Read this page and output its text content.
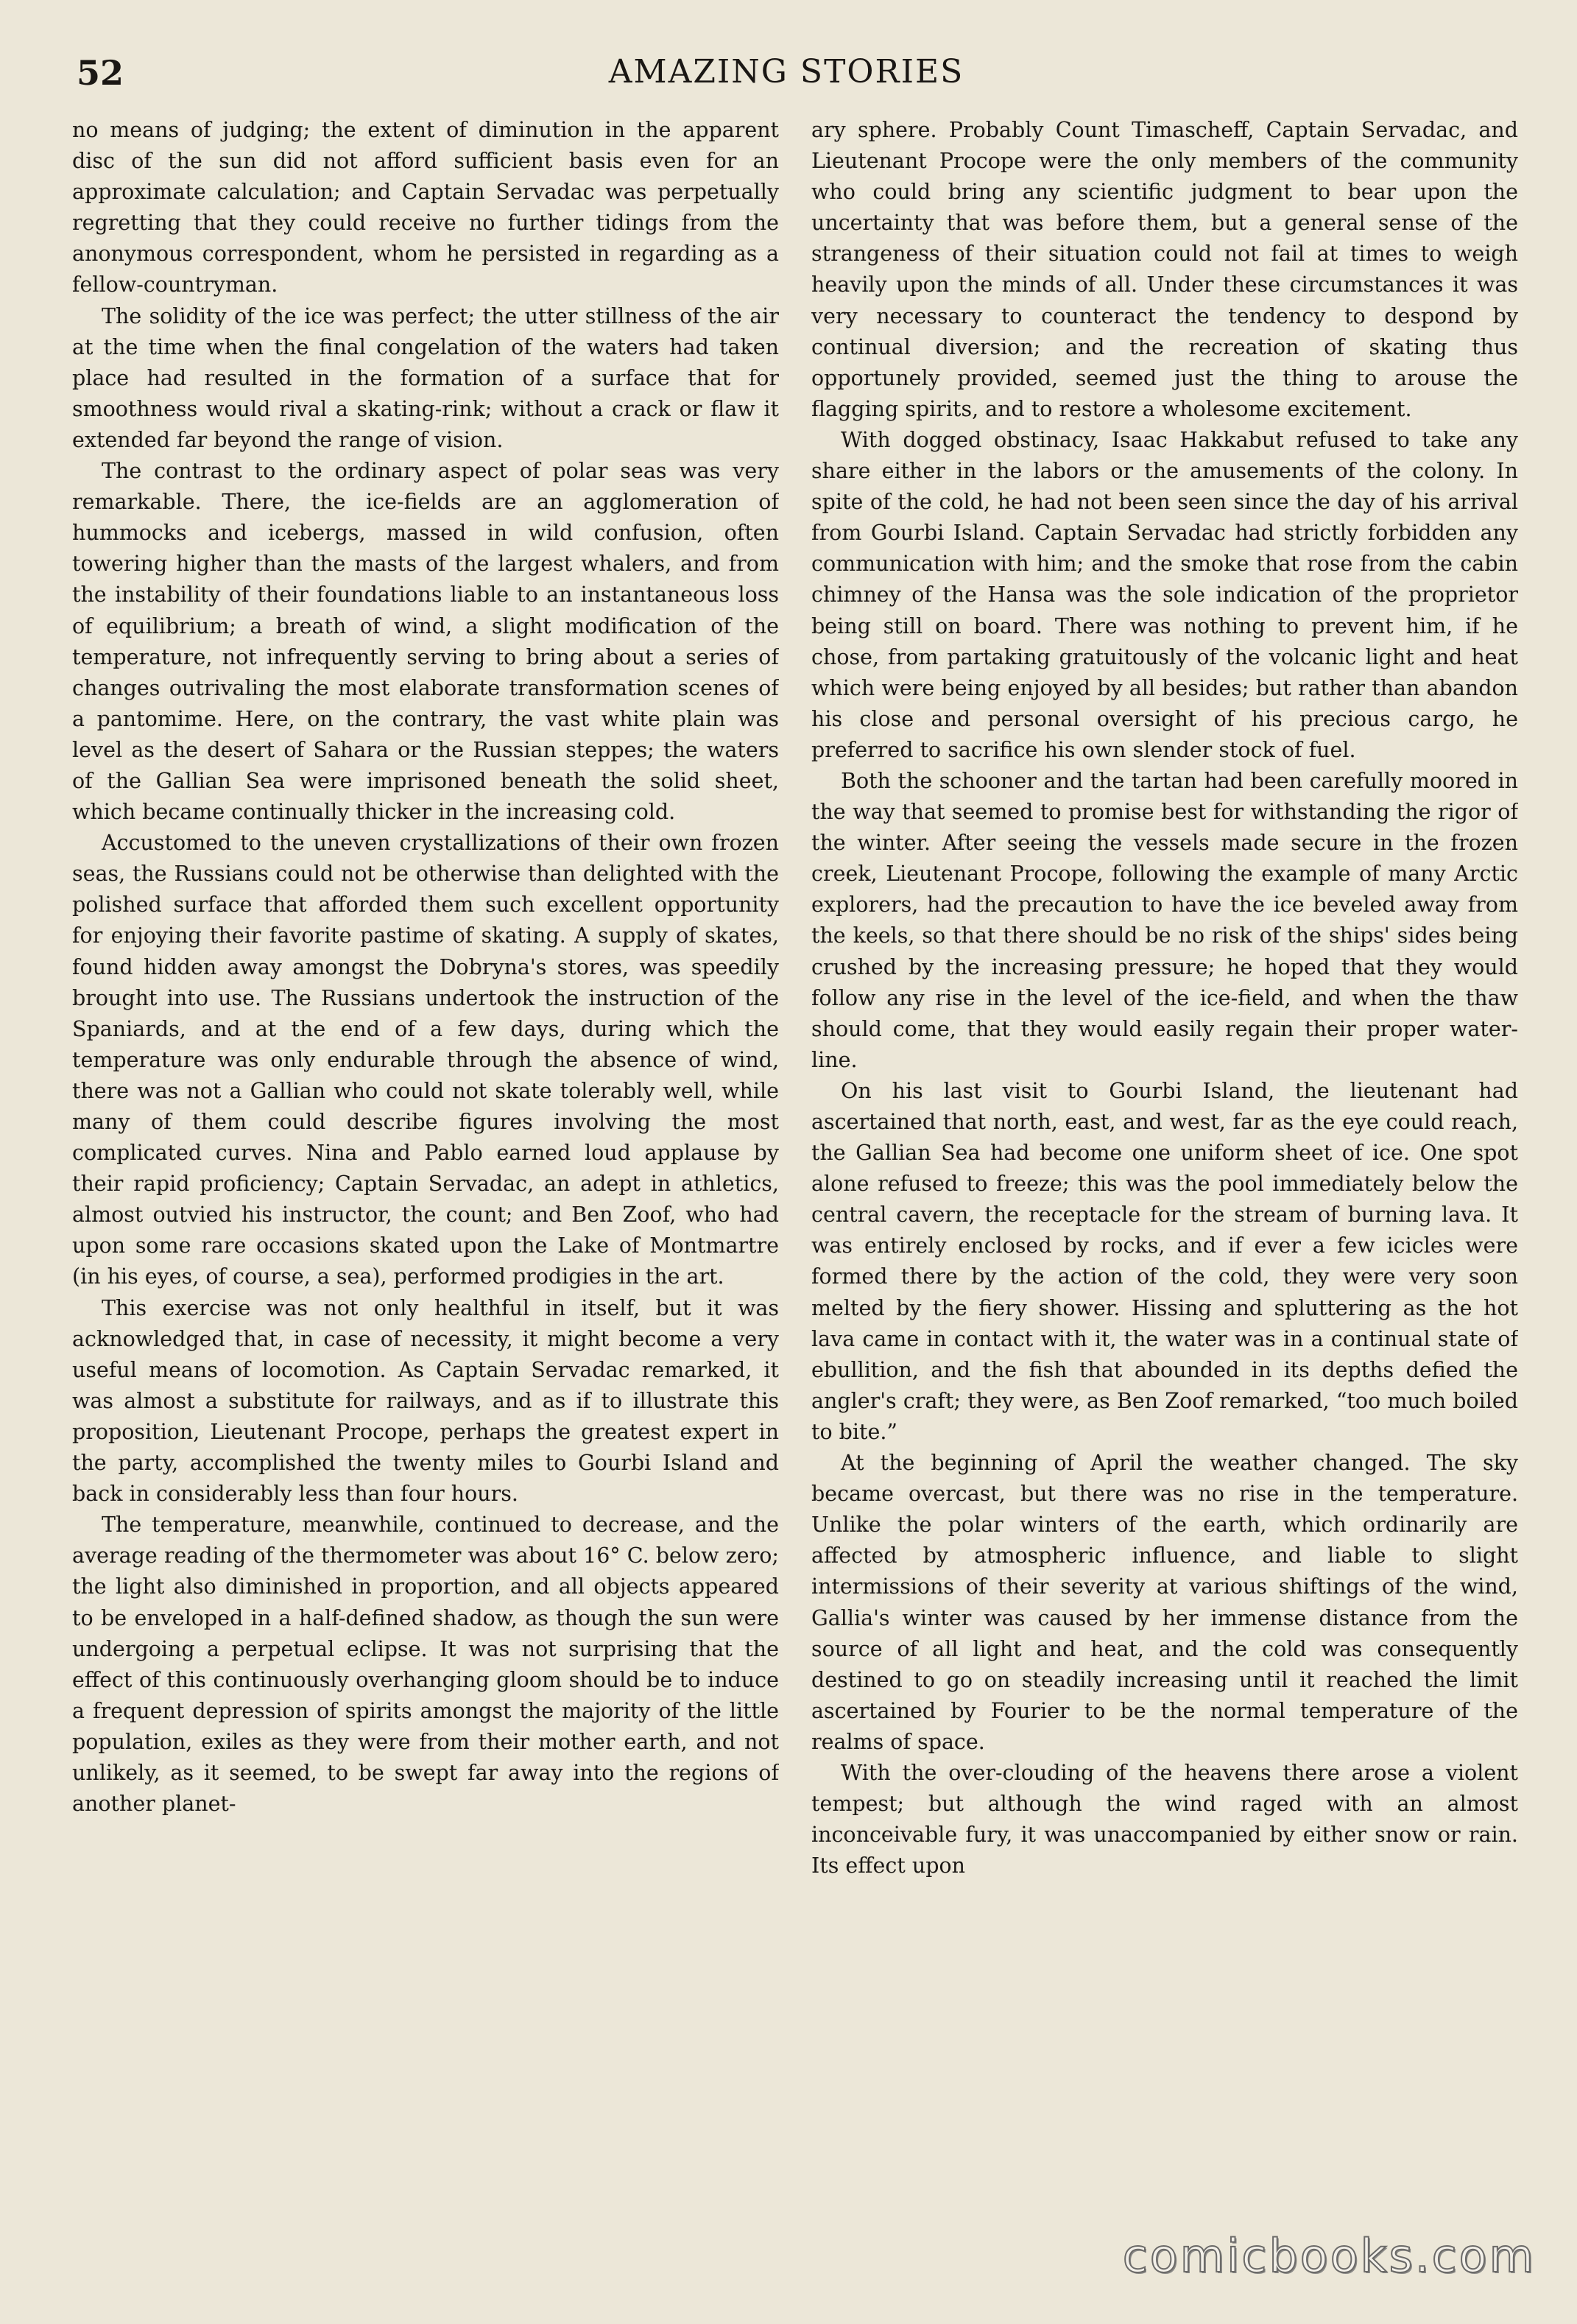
52	AMAZING STORIES

no means of judging; the extent of diminution in the apparent disc of the sun did not afford sufficient basis even for an approximate calculation; and Captain Servadac was perpetually regretting that they could receive no further tidings from the anonymous correspondent, whom he persisted in regarding as a fellow-countryman.

The solidity of the ice was perfect; the utter stillness of the air at the time when the final congelation of the waters had taken place had resulted in the formation of a surface that for smoothness would rival a skating-rink; without a crack or flaw it extended far beyond the range of vision.

The contrast to the ordinary aspect of polar seas was very remarkable. There, the ice-fields are an agglomeration of hummocks and icebergs, massed in wild confusion, often towering higher than the masts of the largest whalers, and from the instability of their foundations liable to an instantaneous loss of equilibrium; a breath of wind, a slight modification of the temperature, not infrequently serving to bring about a series of changes outrivaling the most elaborate transformation scenes of a pantomime. Here, on the contrary, the vast white plain was level as the desert of Sahara or the Russian steppes; the waters of the Gallian Sea were imprisoned beneath the solid sheet, which became continually thicker in the increasing cold.

Accustomed to the uneven crystallizations of their own frozen seas, the Russians could not be otherwise than delighted with the polished surface that afforded them such excellent opportunity for enjoying their favorite pastime of skating. A supply of skates, found hidden away amongst the Dobryna's stores, was speedily brought into use. The Russians undertook the instruction of the Spaniards, and at the end of a few days, during which the temperature was only endurable through the absence of wind, there was not a Gallian who could not skate tolerably well, while many of them could describe figures involving the most complicated curves. Nina and Pablo earned loud applause by their rapid proficiency; Captain Servadac, an adept in athletics, almost outvied his instructor, the count; and Ben Zoof, who had upon some rare occasions skated upon the Lake of Montmartre (in his eyes, of course, a sea), performed prodigies in the art.

This exercise was not only healthful in itself, but it was acknowledged that, in case of necessity, it might become a very useful means of locomotion. As Captain Servadac remarked, it was almost a substitute for railways, and as if to illustrate this proposition, Lieutenant Procope, perhaps the greatest expert in the party, accomplished the twenty miles to Gourbi Island and back in considerably less than four hours.

The temperature, meanwhile, continued to decrease, and the average reading of the thermometer was about 16° C. below zero; the light also diminished in proportion, and all objects appeared to be enveloped in a half-defined shadow, as though the sun were undergoing a perpetual eclipse. It was not surprising that the effect of this continuously overhanging gloom should be to induce a frequent depression of spirits amongst the majority of the little population, exiles as they were from their mother earth, and not unlikely, as it seemed, to be swept far away into the regions of another planet-

ary sphere. Probably Count Timascheff, Captain Servadac, and Lieutenant Procope were the only members of the community who could bring any scientific judgment to bear upon the uncertainty that was before them, but a general sense of the strangeness of their situation could not fail at times to weigh heavily upon the minds of all. Under these circumstances it was very necessary to counteract the tendency to despond by continual diversion; and the recreation of skating thus opportunely provided, seemed just the thing to arouse the flagging spirits, and to restore a wholesome excitement.

With dogged obstinacy, Isaac Hakkabut refused to take any share either in the labors or the amusements of the colony. In spite of the cold, he had not been seen since the day of his arrival from Gourbi Island. Captain Servadac had strictly forbidden any communication with him; and the smoke that rose from the cabin chimney of the Hansa was the sole indication of the proprietor being still on board. There was nothing to prevent him, if he chose, from partaking gratuitously of the volcanic light and heat which were being enjoyed by all besides; but rather than abandon his close and personal oversight of his precious cargo, he preferred to sacrifice his own slender stock of fuel.

Both the schooner and the tartan had been carefully moored in the way that seemed to promise best for withstanding the rigor of the winter. After seeing the vessels made secure in the frozen creek, Lieutenant Procope, following the example of many Arctic explorers, had the precaution to have the ice beveled away from the keels, so that there should be no risk of the ships' sides being crushed by the increasing pressure; he hoped that they would follow any rise in the level of the ice-field, and when the thaw should come, that they would easily regain their proper water-line.

On his last visit to Gourbi Island, the lieutenant had ascertained that north, east, and west, far as the eye could reach, the Gallian Sea had become one uniform sheet of ice. One spot alone refused to freeze; this was the pool immediately below the central cavern, the receptacle for the stream of burning lava. It was entirely enclosed by rocks, and if ever a few icicles were formed there by the action of the cold, they were very soon melted by the fiery shower. Hissing and spluttering as the hot lava came in contact with it, the water was in a continual state of ebullition, and the fish that abounded in its depths defied the angler's craft; they were, as Ben Zoof remarked, “too much boiled to bite.”

At the beginning of April the weather changed. The sky became overcast, but there was no rise in the temperature. Unlike the polar winters of the earth, which ordinarily are affected by atmospheric influence, and liable to slight intermissions of their severity at various shiftings of the wind, Gallia's winter was caused by her immense distance from the source of all light and heat, and the cold was consequently destined to go on steadily increasing until it reached the limit ascertained by Fourier to be the normal temperature of the realms of space.

With the over-clouding of the heavens there arose a violent tempest; but although the wind raged with an almost inconceivable fury, it was unaccompanied by either snow or rain. Its effect upon

comicbooks.com
